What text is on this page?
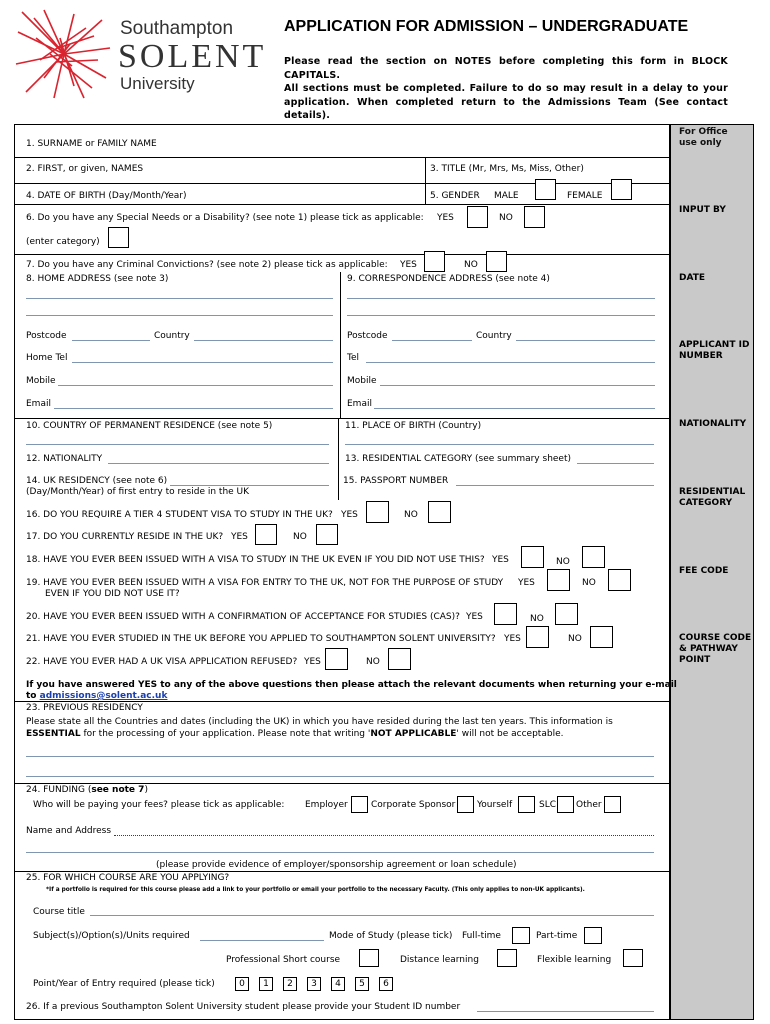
Southampton
SOLENT
University
APPLICATION FOR ADMISSION – UNDERGRADUATE
Please read the section on NOTES before completing this form in BLOCK
CAPITALS.
All sections must be completed. Failure to do so may result in a delay to your
application. When completed return to the Admissions Team (See contact
details).
For Office
use only
INPUT BY
DATE
APPLICANT ID
NUMBER
NATIONALITY
RESIDENTIAL
CATEGORY
FEE CODE
COURSE CODE
& PATHWAY
POINT
1. SURNAME or FAMILY NAME
2. FIRST, or given, NAMES	3. TITLE (Mr, Mrs, Ms, Miss, Other)
4. DATE OF BIRTH (Day/Month/Year)	5. GENDER MALE	FEMALE
6. Do you have any Special Needs or a Disability? (see note 1) please tick as applicable: YES	NO
(enter category)
7. Do you have any Criminal Convictions? (see note 2) please tick as applicable: YES	NO
8. HOME ADDRESS (see note 3)
Postcode	Country
Home Tel
Mobile
Email
9. CORRESPONDENCE ADDRESS (see note 4)
Postcode	Country
Tel
Mobile
Email
10. COUNTRY OF PERMANENT RESIDENCE (see note 5)	11. PLACE OF BIRTH (Country)
12. NATIONALITY	13. RESIDENTIAL CATEGORY (see summary sheet)
14. UK RESIDENCY (see note 6)
(Day/Month/Year) of first entry to reside in the UK
15. PASSPORT NUMBER
16. DO YOU REQUIRE A TIER 4 STUDENT VISA TO STUDY IN THE UK? YES	NO
17. DO YOU CURRENTLY RESIDE IN THE UK? YES	NO
18. HAVE YOU EVER BEEN ISSUED WITH A VISA TO STUDY IN THE UK EVEN IF YOU DID NOT USE THIS? YES	NO
19. HAVE YOU EVER BEEN ISSUED WITH A VISA FOR ENTRY TO THE UK, NOT FOR THE PURPOSE OF STUDY
EVEN IF YOU DID NOT USE IT?
YES	NO
20. HAVE YOU EVER BEEN ISSUED WITH A CONFIRMATION OF ACCEPTANCE FOR STUDIES (CAS)? YES	NO
21. HAVE YOU EVER STUDIED IN THE UK BEFORE YOU APPLIED TO SOUTHAMPTON SOLENT UNIVERSITY? YES	NO
22. HAVE YOU EVER HAD A UK VISA APPLICATION REFUSED? YES	NO
If you have answered YES to any of the above questions then please attach the relevant documents when returning your e-mail
to admissions@solent.ac.uk
23. PREVIOUS RESIDENCY
Please state all the Countries and dates (including the UK) in which you have resided during the last ten years. This information is
ESSENTIAL for the processing of your application. Please note that writing 'NOT APPLICABLE' will not be acceptable.
24. FUNDING (see note 7)
Who will be paying your fees? please tick as applicable: Employer	Corporate Sponsor Yourself	SLC Other
Name and Address
(please provide evidence of employer/sponsorship agreement or loan schedule)
25. FOR WHICH COURSE ARE YOU APPLYING?
*If a portfolio is required for this course please add a link to your portfolio or email your portfolio to the necessary Faculty. (This only applies to non-UK applicants).
Course title
Subject(s)/Option(s)/Units required	Mode of Study (please tick) Full-time	Part-time
Professional Short course	Distance learning	Flexible learning
Point/Year of Entry required (please tick)	0	1	2	3	4	5	6
26. If a previous Southampton Solent University student please provide your Student ID number
